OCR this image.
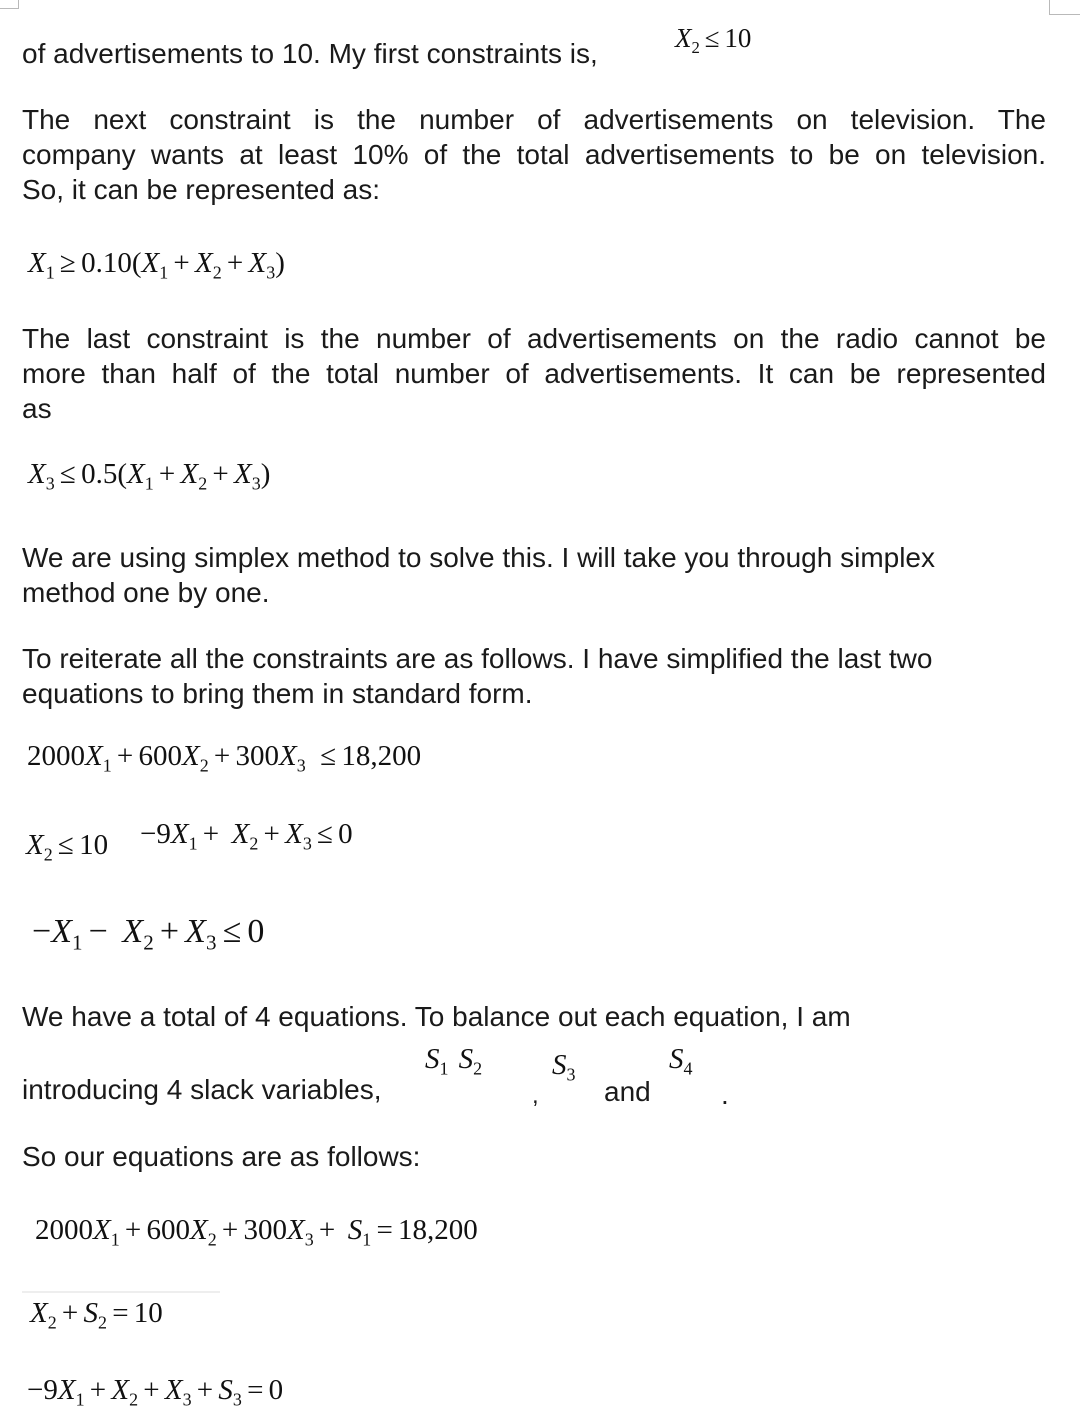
of advertisements to 10. My first constraints is,	$X_2 \le 10$

The next constraint is the number of advertisements on television. The

company wants at least 10% of the total advertisements to be on television.

So, it can be represented as:

$X_1 \ge 0.10(X_1 + X_2 + X_3)$

The last constraint is the number of advertisements on the radio cannot be

more than half of the total number of advertisements. It can be represented

as

$X_3 \le 0.5(X_1 + X_2 + X_3)$

We are using simplex method to solve this. I will take you through simplex

method one by one.

To reiterate all the constraints are as follows. I have simplified the last two

equations to bring them in standard form.

$2000X_1 + 600X_2 + 300X_3 \le 18,200$
$X_2 \le 10 -9X_1 + X_2 + X_3 \le 0$
$-X_1 - X_2 + X_3 \le 0$

We have a total of 4 equations. To balance out each equation, I am

introducing 4 slack variables,

$S_1$ $S_2$
,
$S_3$
and
$S_4$
.

So our equations are as follows:

$2000X_1 + 600X_2 + 300X_3 + S_1 = 18,200$
$X_2 + S_2 = 10$
$-9X_1 + X_2 + X_3 + S_3 = 0$
